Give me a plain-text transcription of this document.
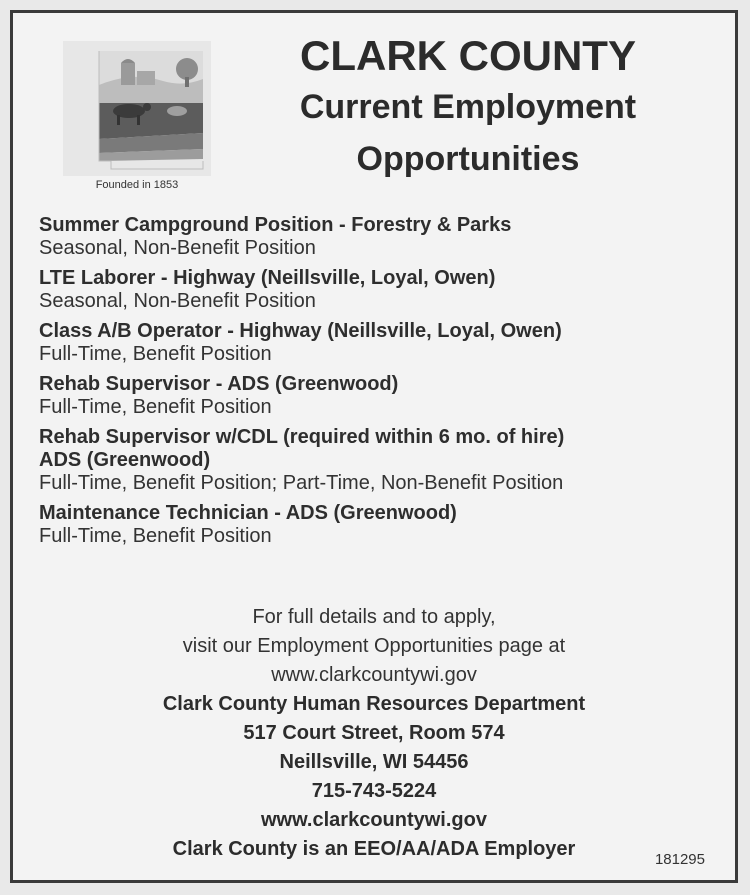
Founded in 1853
CLARK COUNTY
Current Employment
Opportunities
Summer Campground Position - Forestry & Parks
Seasonal, Non-Benefit Position
LTE Laborer - Highway (Neillsville, Loyal, Owen)
Seasonal, Non-Benefit Position
Class A/B Operator - Highway (Neillsville, Loyal, Owen)
Full-Time, Benefit Position
Rehab Supervisor - ADS (Greenwood)
Full-Time, Benefit Position
Rehab Supervisor w/CDL (required within 6 mo. of hire)
ADS (Greenwood)
Full-Time, Benefit Position; Part-Time, Non-Benefit Position
Maintenance Technician - ADS (Greenwood)
Full-Time, Benefit Position
For full details and to apply,
visit our Employment Opportunities page at
www.clarkcountywi.gov
Clark County Human Resources Department
517 Court Street, Room 574
Neillsville, WI 54456
715-743-5224
www.clarkcountywi.gov
Clark County is an EEO/AA/ADA Employer	181295
